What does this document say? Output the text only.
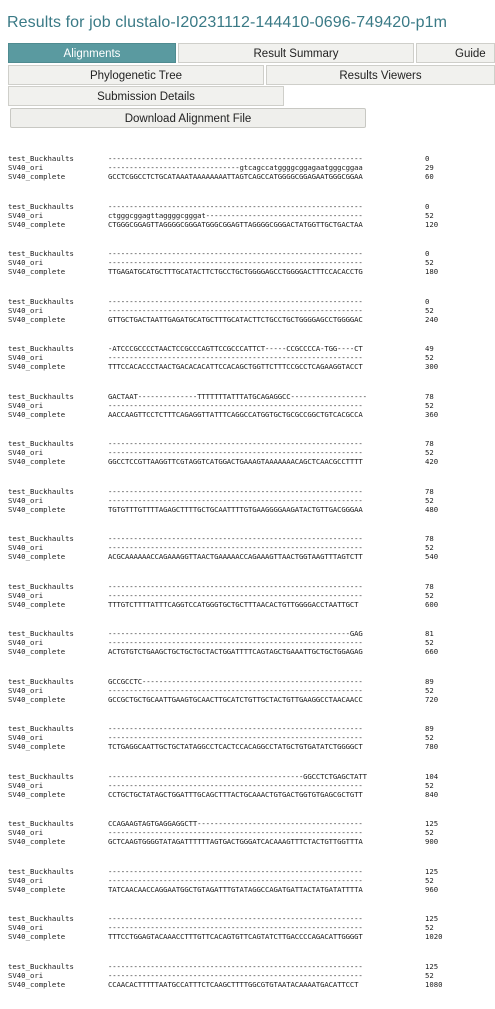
Results for job clustalo-I20231112-144410-0696-749420-p1m
Alignments	Result Summary	Guide
Phylogenetic Tree	Results Viewers
Submission Details
Download Alignment File
test_Buckhaults	------------------------------------------------------------	0
SV40_ori	-------------------------------gtcagccatggggcggagaatgggcggaa	29
SV40_complete	GCCTCGGCCTCTGCATAAATAAAAAAAATTAGTCAGCCATGGGGCGGAGAATGGGCGGAA	60
test_Buckhaults	------------------------------------------------------------	0
SV40_ori	ctgggcggagttaggggcgggat-------------------------------------	52
SV40_complete	CTGGGCGGAGTTAGGGGCGGGATGGGCGGAGTTAGGGGCGGGACTATGGTTGCTGACTAA	120
test_Buckhaults	------------------------------------------------------------	0
SV40_ori	------------------------------------------------------------	52
SV40_complete	TTGAGATGCATGCTTTGCATACTTCTGCCTGCTGGGGAGCCTGGGGACTTTCCACACCTG	180
test_Buckhaults	------------------------------------------------------------	0
SV40_ori	------------------------------------------------------------	52
SV40_complete	GTTGCTGACTAATTGAGATGCATGCTTTGCATACTTCTGCCTGCTGGGGAGCCTGGGGAC	240
test_Buckhaults	-ATCCCGCCCCTAACTCCGCCCAGTTCCGCCCATTCT-----CCGCCCCA-TGG----CT	49
SV40_ori	------------------------------------------------------------	52
SV40_complete	TTTCCACACCCTAACTGACACACATTCCACAGCTGGTTCTTTCCGCCTCAGAAGGTACCT	300
test_Buckhaults	GACTAAT--------------TTTTTTTATTTATGCAGAGGCC------------------	78
SV40_ori	------------------------------------------------------------	52
SV40_complete	AACCAAGTTCCTCTTTCAGAGGTTATTTCAGGCCATGGTGCTGCGCCGGCTGTCACGCCA	360
test_Buckhaults	------------------------------------------------------------	78
SV40_ori	------------------------------------------------------------	52
SV40_complete	GGCCTCCGTTAAGGTTCGTAGGTCATGGACTGAAAGTAAAAAAACAGCTCAACGCCTTTT	420
test_Buckhaults	------------------------------------------------------------	78
SV40_ori	------------------------------------------------------------	52
SV40_complete	TGTGTTTGTTTTAGAGCTTTTGCTGCAATTTTGTGAAGGGGAAGATACTGTTGACGGGAA	480
test_Buckhaults	------------------------------------------------------------	78
SV40_ori	------------------------------------------------------------	52
SV40_complete	ACGCAAAAAACCAGAAAGGTTAACTGAAAAACCAGAAAGTTAACTGGTAAGTTTAGTCTT	540
test_Buckhaults	------------------------------------------------------------	78
SV40_ori	------------------------------------------------------------	52
SV40_complete	TTTGTCTTTTATTTCAGGTCCATGGGTGCTGCTTTAACACTGTTGGGGACCTAATTGCT	600
test_Buckhaults	---------------------------------------------------------GAG	81
SV40_ori	------------------------------------------------------------	52
SV40_complete	ACTGTGTCTGAAGCTGCTGCTGCTACTGGATTTTCAGTAGCTGAAATTGCTGCTGGAGAG	660
test_Buckhaults	GCCGCCTC----------------------------------------------------	89
SV40_ori	------------------------------------------------------------	52
SV40_complete	GCCGCTGCTGCAATTGAAGTGCAACTTGCATCTGTTGCTACTGTTGAAGGCCTAACAACC	720
test_Buckhaults	------------------------------------------------------------	89
SV40_ori	------------------------------------------------------------	52
SV40_complete	TCTGAGGCAATTGCTGCTATAGGCCTCACTCCACAGGCCTATGCTGTGATATCTGGGGCT	780
test_Buckhaults	----------------------------------------------GGCCTCTGAGCTATT	104
SV40_ori	------------------------------------------------------------	52
SV40_complete	CCTGCTGCTATAGCTGGATTTGCAGCTTTACTGCAAACTGTGACTGGTGTGAGCGCTGTT	840
test_Buckhaults	CCAGAAGTAGTGAGGAGGCTT---------------------------------------	125
SV40_ori	------------------------------------------------------------	52
SV40_complete	GCTCAAGTGGGGTATAGATTTTTTAGTGACTGGGATCACAAAGTTTCTACTGTTGGTTTA	900
test_Buckhaults	------------------------------------------------------------	125
SV40_ori	------------------------------------------------------------	52
SV40_complete	TATCAACAACCAGGAATGGCTGTAGATTTGTATAGGCCAGATGATTACTATGATATTTTA	960
test_Buckhaults	------------------------------------------------------------	125
SV40_ori	------------------------------------------------------------	52
SV40_complete	TTTCCTGGAGTACAAACCTTTGTTCACAGTGTTCAGTATCTTGACCCCAGACATTGGGGT	1020
test_Buckhaults	------------------------------------------------------------	125
SV40_ori	------------------------------------------------------------	52
SV40_complete	CCAACACTTTTTAATGCCATTTCTCAAGCTTTTGGCGTGTAATACAAAATGACATTCCT	1080
